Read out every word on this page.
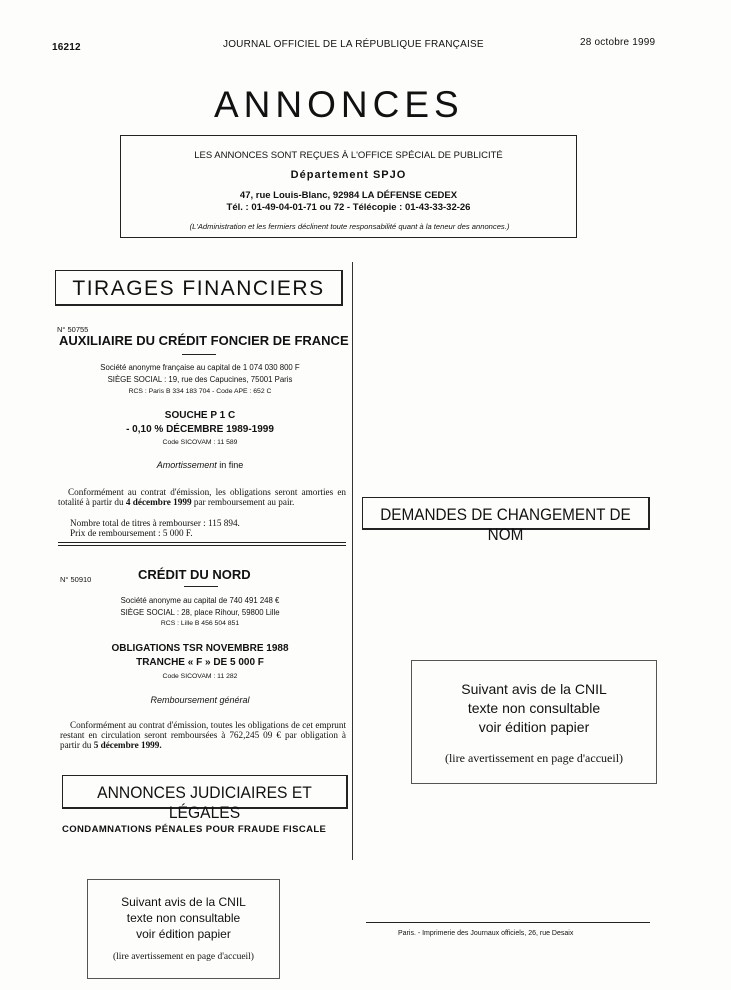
16212	JOURNAL OFFICIEL DE LA RÉPUBLIQUE FRANÇAISE	28 octobre 1999
ANNONCES
LES ANNONCES SONT REÇUES À L'OFFICE SPÉCIAL DE PUBLICITÉ
Département SPJO
47, rue Louis-Blanc, 92984 LA DÉFENSE CEDEX
Tél. : 01-49-04-01-71 ou 72 - Télécopie : 01-43-33-32-26
(L'Administration et les fermiers déclinent toute responsabilité quant à la teneur des annonces.)
TIRAGES FINANCIERS
N° 50755
AUXILIAIRE DU CRÉDIT FONCIER DE FRANCE
Société anonyme française au capital de 1 074 030 800 F
SIÈGE SOCIAL : 19, rue des Capucines, 75001 Paris
RCS : Paris B 334 183 704 - Code APE : 652 C
SOUCHE P 1 C
- 0,10 % DÉCEMBRE 1989-1999
Code SICOVAM : 11 589
Amortissement in fine
Conformément au contrat d'émission, les obligations seront amorties en totalité à partir du 4 décembre 1999 par remboursement au pair.
Nombre total de titres à rembourser : 115 894.
Prix de remboursement : 5 000 F.
N° 50910	CRÉDIT DU NORD
Société anonyme au capital de 740 491 248 €
SIÈGE SOCIAL : 28, place Rihour, 59800 Lille
RCS : Lille B 456 504 851
OBLIGATIONS TSR NOVEMBRE 1988
TRANCHE « F » DE 5 000 F
Code SICOVAM : 11 282
Remboursement général
Conformément au contrat d'émission, toutes les obligations de cet emprunt restant en circulation seront remboursées à 762,245 09 € par obligation à partir du 5 décembre 1999.
ANNONCES JUDICIAIRES ET LÉGALES
CONDAMNATIONS PÉNALES POUR FRAUDE FISCALE
DEMANDES DE CHANGEMENT DE NOM
Suivant avis de la CNIL
texte non consultable
voir édition papier
(lire avertissement en page d'accueil)
Suivant avis de la CNIL
texte non consultable
voir édition papier
(lire avertissement en page d'accueil)
Paris. - Imprimerie des Journaux officiels, 26, rue Desaix
